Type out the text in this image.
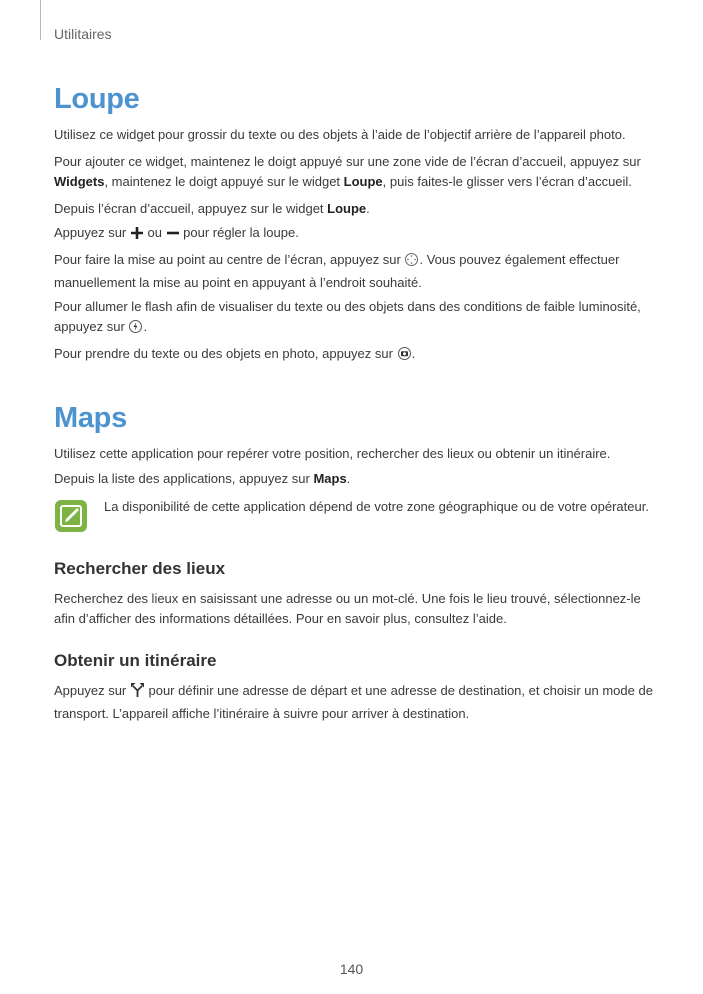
Utilitaires
Loupe

Utilisez ce widget pour grossir du texte ou des objets à l’aide de l’objectif arrière de l’appareil photo.

Pour ajouter ce widget, maintenez le doigt appuyé sur une zone vide de l’écran d’accueil, appuyez sur Widgets, maintenez le doigt appuyé sur le widget Loupe, puis faites-le glisser vers l’écran d’accueil.

Depuis l’écran d’accueil, appuyez sur le widget Loupe.

Appuyez sur  ou  pour régler la loupe.

Pour faire la mise au point au centre de l’écran, appuyez sur . Vous pouvez également effectuer manuellement la mise au point en appuyant à l’endroit souhaité.

Pour allumer le flash afin de visualiser du texte ou des objets dans des conditions de faible luminosité, appuyez sur .

Pour prendre du texte ou des objets en photo, appuyez sur .

Maps

Utilisez cette application pour repérer votre position, rechercher des lieux ou obtenir un itinéraire.

Depuis la liste des applications, appuyez sur Maps.

La disponibilité de cette application dépend de votre zone géographique ou de votre opérateur.

Rechercher des lieux

Recherchez des lieux en saisissant une adresse ou un mot-clé. Une fois le lieu trouvé, sélectionnez-le afin d’afficher des informations détaillées. Pour en savoir plus, consultez l’aide.

Obtenir un itinéraire

Appuyez sur  pour définir une adresse de départ et une adresse de destination, et choisir un mode de transport. L’appareil affiche l’itinéraire à suivre pour arriver à destination.

140
